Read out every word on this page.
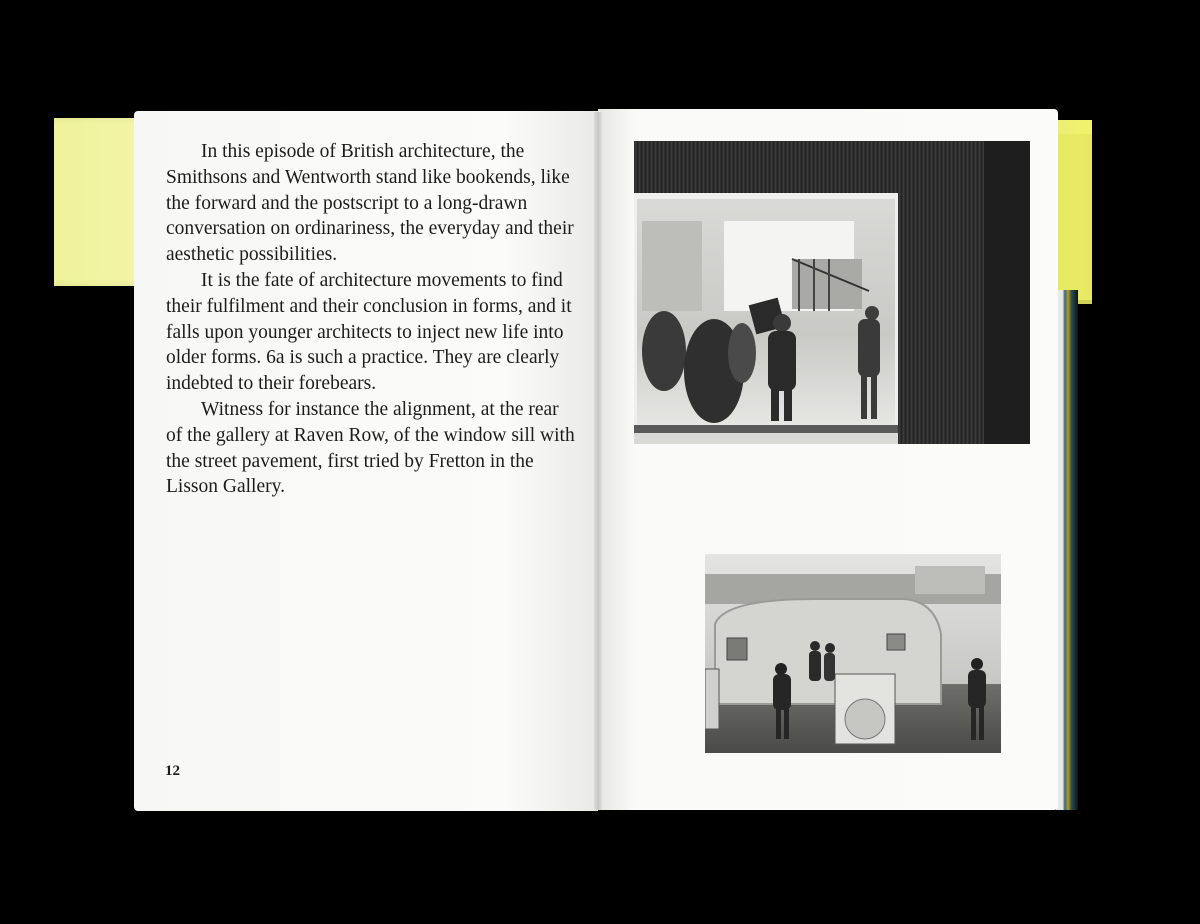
In this episode of British architecture, the Smithsons and Wentworth stand like bookends, like the forward and the postscript to a long-drawn conversation on ordinariness, the everyday and their aesthetic possibilities.

It is the fate of architecture movements to find their fulfilment and their conclusion in forms, and it falls upon younger architects to inject new life into older forms. 6a is such a practice. They are clearly indebted to their forebears.

Witness for instance the alignment, at the rear of the gallery at Raven Row, of the window sill with the street pavement, first tried by Fretton in the Lisson Gallery.

12
